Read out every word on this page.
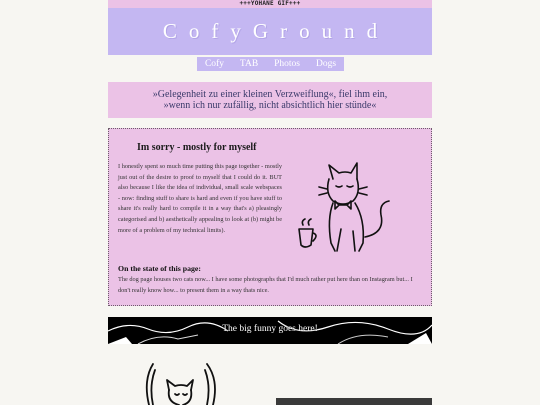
+++YOHANE GIF+++
CofyGround
Cofy TAB Photos Dogs
»Gelegenheit zu einer kleinen Verzweiflung«, fiel ihm ein,
»wenn ich nur zufällig, nicht absichtlich hier stünde«
Im sorry - mostly for myself
I honestly spent so much time putting this page together - mostly just out of the desire to proof to myself that I could do it. BUT also because I like the idea of individual, small scale webspaces - now: finding stuff to share is hard and even if you have stuff to share it's really hard to compile it in a way that's a) pleasingly categorised and b) aesthetically appealing to look at (b) might be more of a problem of my technical limits).
On the state of this page:
The dog page houses two cats now... I have some photographs that I'd much rather put here than on Instagram but... I don't really know how... to present them in a way thats nice.
The big funny goes here!
